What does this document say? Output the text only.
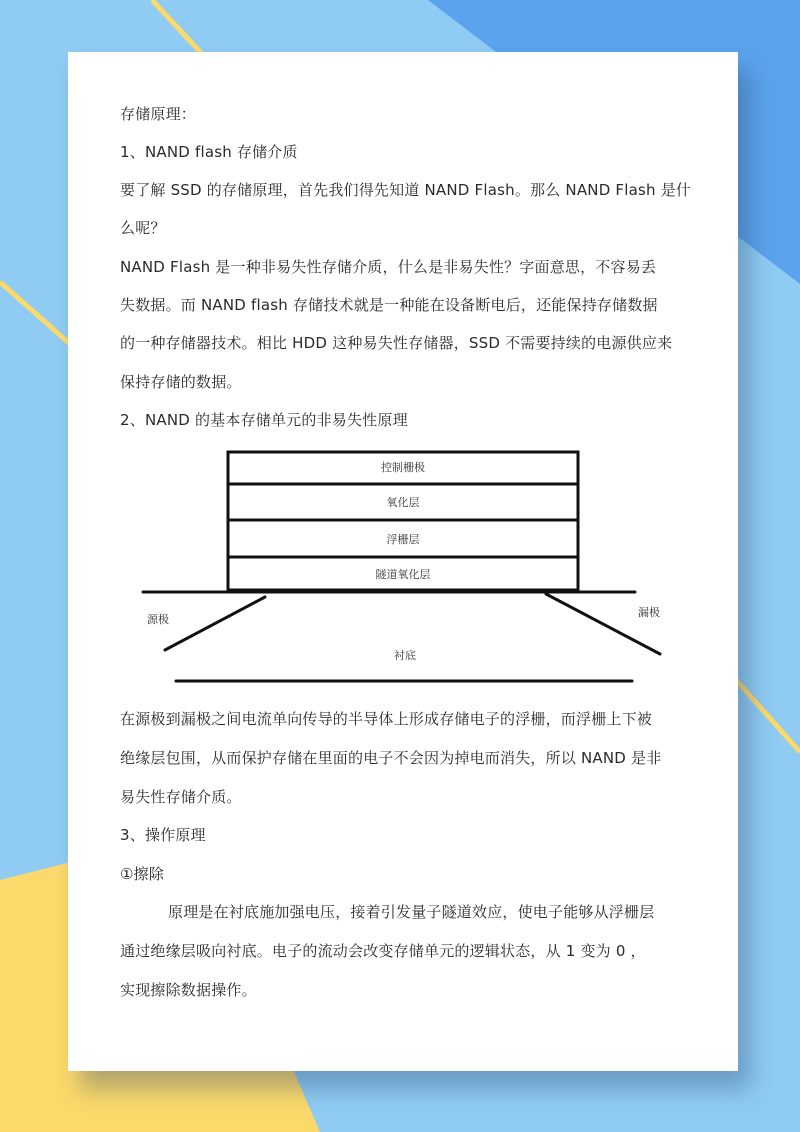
存储原理：
1、NAND flash 存储介质
要了解 SSD 的存储原理，首先我们得先知道 NAND Flash。那么 NAND Flash 是什
么呢？
NAND Flash 是一种非易失性存储介质，什么是非易失性？字面意思，不容易丢
失数据。而 NAND flash 存储技术就是一种能在设备断电后，还能保持存储数据
的一种存储器技术。相比 HDD 这种易失性存储器，SSD 不需要持续的电源供应来
保持存储的数据。
2、NAND 的基本存储单元的非易失性原理
控制栅极
氧化层
浮栅层
隧道氧化层
源极
漏极
衬底
在源极到漏极之间电流单向传导的半导体上形成存储电子的浮栅，而浮栅上下被
绝缘层包围，从而保护存储在里面的电子不会因为掉电而消失，所以 NAND 是非
易失性存储介质。
3、操作原理
①擦除
原理是在衬底施加强电压，接着引发量子隧道效应，使电子能够从浮栅层
通过绝缘层吸向衬底。电子的流动会改变存储单元的逻辑状态，从 1 变为 0 ，
实现擦除数据操作。
